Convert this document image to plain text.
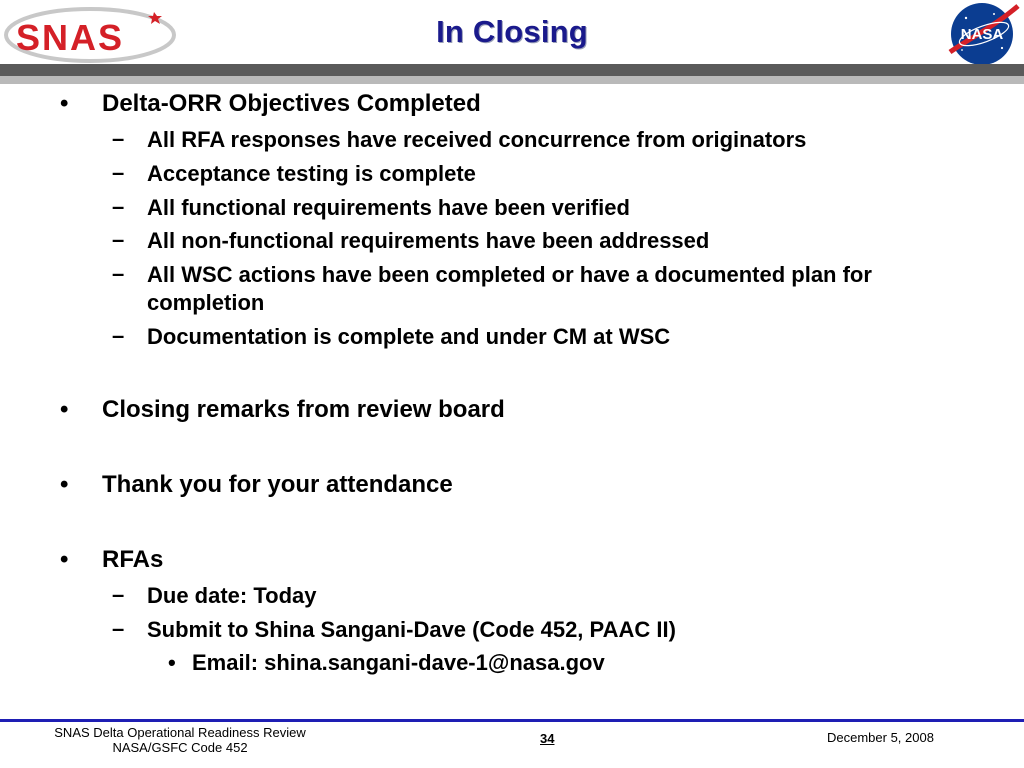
SNAS	In Closing	NASA
•	Delta-ORR Objectives Completed
– All RFA responses have received concurrence from originators
– Acceptance testing is complete
– All functional requirements have been verified
– All non-functional requirements have been addressed
– All WSC actions have been completed or have a documented plan for completion
– Documentation is complete and under CM at WSC
•	Closing remarks from review board
•	Thank you for your attendance
•	RFAs
– Due date: Today
– Submit to Shina Sangani-Dave (Code 452, PAAC II)
• Email: shina.sangani-dave-1@nasa.gov
SNAS Delta Operational Readiness Review
NASA/GSFC Code 452
34	December 5, 2008
